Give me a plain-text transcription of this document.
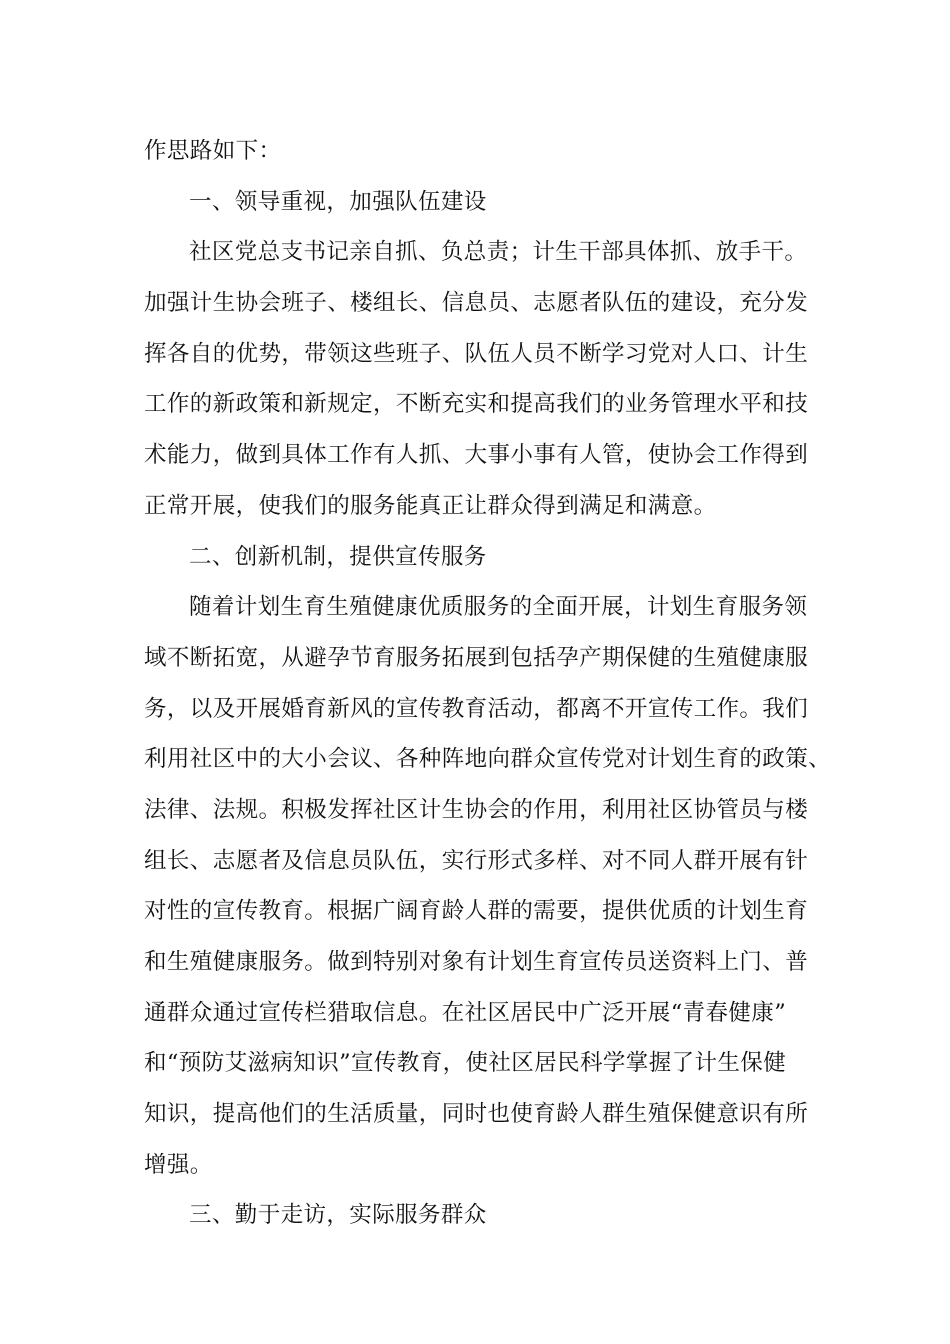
作思路如下：
一、领导重视，加强队伍建设
社区党总支书记亲自抓、负总责；计生干部具体抓、放手干。
加强计生协会班子、楼组长、信息员、志愿者队伍的建设，充分发
挥各自的优势，带领这些班子、队伍人员不断学习党对人口、计生
工作的新政策和新规定，不断充实和提高我们的业务管理水平和技
术能力，做到具体工作有人抓、大事小事有人管，使协会工作得到
正常开展，使我们的服务能真正让群众得到满足和满意。
二、创新机制，提供宣传服务
随着计划生育生殖健康优质服务的全面开展，计划生育服务领
域不断拓宽，从避孕节育服务拓展到包括孕产期保健的生殖健康服
务，以及开展婚育新风的宣传教育活动，都离不开宣传工作。我们
利用社区中的大小会议、各种阵地向群众宣传党对计划生育的政策、
法律、法规。积极发挥社区计生协会的作用，利用社区协管员与楼
组长、志愿者及信息员队伍，实行形式多样、对不同人群开展有针
对性的宣传教育。根据广阔育龄人群的需要，提供优质的计划生育
和生殖健康服务。做到特别对象有计划生育宣传员送资料上门、普
通群众通过宣传栏猎取信息。在社区居民中广泛开展“青春健康”
和“预防艾滋病知识”宣传教育，使社区居民科学掌握了计生保健
知识，提高他们的生活质量，同时也使育龄人群生殖保健意识有所
增强。
三、勤于走访，实际服务群众
